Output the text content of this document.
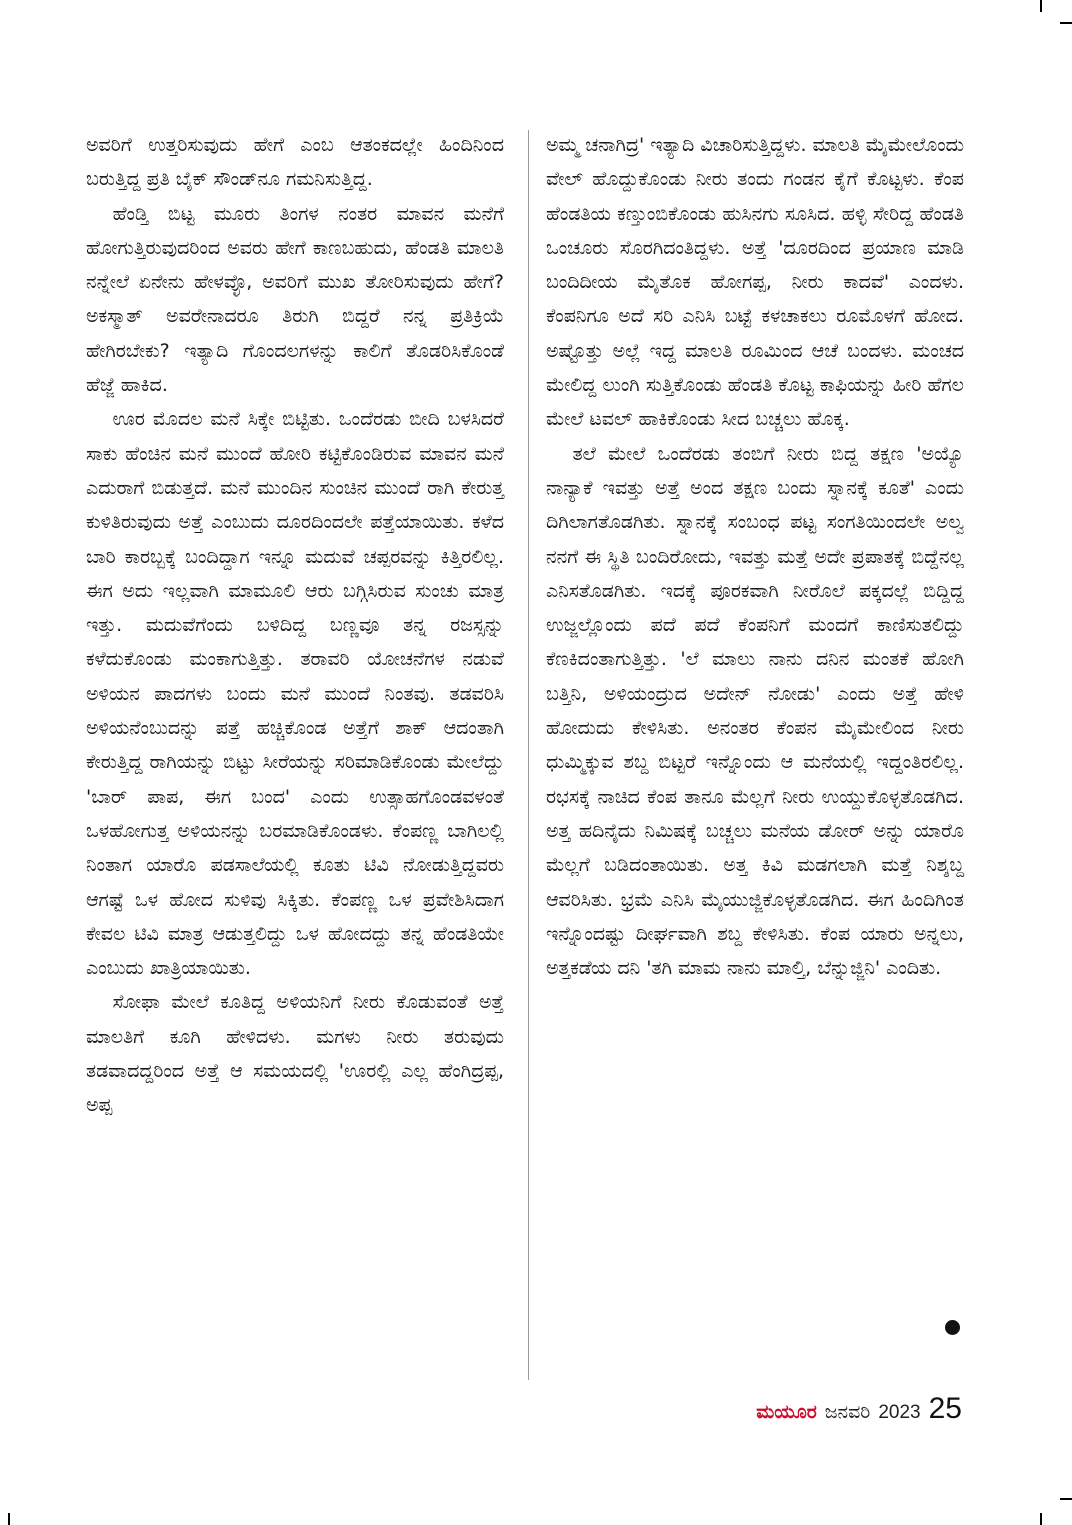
ಅವರಿಗೆ ಉತ್ತರಿಸುವುದು ಹೇಗೆ ಎಂಬ ಆತಂಕದಲ್ಲೇ ಹಿಂದಿನಿಂದ ಬರುತ್ತಿದ್ದ ಪ್ರತಿ ಬೈಕ್ ಸೌಂಡ್‌ನೂ ಗಮನಿಸುತ್ತಿದ್ದ.

ಹೆಂಡ್ತಿ ಬಿಟ್ಟ ಮೂರು ತಿಂಗಳ ನಂತರ ಮಾವನ ಮನೆಗೆ ಹೋಗುತ್ತಿರುವುದರಿಂದ ಅವರು ಹೇಗೆ ಕಾಣಬಹುದು, ಹೆಂಡತಿ ಮಾಲತಿ ನನ್ನೇಲೆ ಏನೇನು ಹೇಳವ್ಳೊ, ಅವರಿಗೆ ಮುಖ ತೋರಿಸುವುದು ಹೇಗೆ? ಅಕಸ್ಮಾತ್ ಅವರೇನಾದರೂ ತಿರುಗಿ ಬಿದ್ದರೆ ನನ್ನ ಪ್ರತಿಕ್ರಿಯೆ ಹೇಗಿರಬೇಕು? ಇತ್ಯಾದಿ ಗೊಂದಲಗಳನ್ನು ಕಾಲಿಗೆ ತೊಡರಿಸಿಕೊಂಡೆ ಹೆಜ್ಜೆ ಹಾಕಿದ.

ಊರ ಮೊದಲ ಮನೆ ಸಿಕ್ಕೇ ಬಿಟ್ಟಿತು. ಒಂದೆರಡು ಬೀದಿ ಬಳಸಿದರೆ ಸಾಕು ಹೆಂಚಿನ ಮನೆ ಮುಂದೆ ಹೋರಿ ಕಟ್ಟಿಕೊಂಡಿರುವ ಮಾವನ ಮನೆ ಎದುರಾಗೆ ಬಿಡುತ್ತದೆ. ಮನೆ ಮುಂದಿನ ಸುಂಚಿನ ಮುಂದೆ ರಾಗಿ ಕೇರುತ್ತ ಕುಳಿತಿರುವುದು ಅತ್ತೆ ಎಂಬುದು ದೂರದಿಂದಲೇ ಪತ್ತೆಯಾಯಿತು. ಕಳೆದ ಬಾರಿ ಕಾರಬ್ಬಕ್ಕೆ ಬಂದಿದ್ದಾಗ ಇನ್ನೂ ಮದುವೆ ಚಪ್ಪರವನ್ನು ಕಿತ್ತಿರಲಿಲ್ಲ. ಈಗ ಅದು ಇಲ್ಲವಾಗಿ ಮಾಮೂಲಿ ಆರು ಬಗ್ಗಿಸಿರುವ ಸುಂಚು ಮಾತ್ರ ಇತ್ತು. ಮದುವೆಗೆಂದು ಬಳಿದಿದ್ದ ಬಣ್ಣವೂ ತನ್ನ ರಜಸ್ಸನ್ನು ಕಳೆದುಕೊಂಡು ಮಂಕಾಗುತ್ತಿತ್ತು. ತರಾವರಿ ಯೋಚನೆಗಳ ನಡುವೆ ಅಳಿಯನ ಪಾದಗಳು ಬಂದು ಮನೆ ಮುಂದೆ ನಿಂತವು. ತಡವರಿಸಿ ಅಳಿಯನೆಂಬುದನ್ನು ಪತ್ತೆ ಹಚ್ಚಿಕೊಂಡ ಅತ್ತೆಗೆ ಶಾಕ್ ಆದಂತಾಗಿ ಕೇರುತ್ತಿದ್ದ ರಾಗಿಯನ್ನು ಬಿಟ್ಟು ಸೀರೆಯನ್ನು ಸರಿಮಾಡಿಕೊಂಡು ಮೇಲೆದ್ದು 'ಬಾರ್ ಪಾಪ, ಈಗ ಬಂದ' ಎಂದು ಉತ್ಸಾಹಗೊಂಡವಳಂತೆ ಒಳಹೋಗುತ್ತ ಅಳಿಯನನ್ನು ಬರಮಾಡಿಕೊಂಡಳು. ಕೆಂಪಣ್ಣ ಬಾಗಿಲಲ್ಲಿ ನಿಂತಾಗ ಯಾರೊ ಪಡಸಾಲೆಯಲ್ಲಿ ಕೂತು ಟಿವಿ ನೋಡುತ್ತಿದ್ದವರು ಆಗಷ್ಟೆ ಒಳ ಹೋದ ಸುಳಿವು ಸಿಕ್ಕಿತು. ಕೆಂಪಣ್ಣ ಒಳ ಪ್ರವೇಶಿಸಿದಾಗ ಕೇವಲ ಟಿವಿ ಮಾತ್ರ ಆಡುತ್ತಲಿದ್ದು ಒಳ ಹೋದದ್ದು ತನ್ನ ಹೆಂಡತಿಯೇ ಎಂಬುದು ಖಾತ್ರಿಯಾಯಿತು.

ಸೋಫಾ ಮೇಲೆ ಕೂತಿದ್ದ ಅಳಿಯನಿಗೆ ನೀರು ಕೊಡುವಂತೆ ಅತ್ತೆ ಮಾಲತಿಗೆ ಕೂಗಿ ಹೇಳಿದಳು. ಮಗಳು ನೀರು ತರುವುದು ತಡವಾದದ್ದರಿಂದ ಅತ್ತೆ ಆ ಸಮಯದಲ್ಲಿ 'ಊರಲ್ಲಿ ಎಲ್ಲ ಹೆಂಗಿದ್ರಪ್ಪ, ಅಪ್ಪ

ಅಮ್ಮ ಚನಾಗಿದ್ರ' ಇತ್ಯಾದಿ ವಿಚಾರಿಸುತ್ತಿದ್ದಳು. ಮಾಲತಿ ಮೈಮೇಲೊಂದು ವೇಲ್ ಹೊದ್ದುಕೊಂಡು ನೀರು ತಂದು ಗಂಡನ ಕೈಗೆ ಕೊಟ್ಟಳು. ಕೆಂಪ ಹೆಂಡತಿಯ ಕಣ್ತುಂಬಿಕೊಂಡು ಹುಸಿನಗು ಸೂಸಿದ. ಹಳ್ಳಿ ಸೇರಿದ್ದ ಹೆಂಡತಿ ಒಂಚೂರು ಸೊರಗಿದಂತಿದ್ದಳು. ಅತ್ತೆ 'ದೂರದಿಂದ ಪ್ರಯಾಣ ಮಾಡಿ ಬಂದಿದೀಯ ಮೈತೊಕ ಹೋಗಪ್ಪ, ನೀರು ಕಾದವೆ' ಎಂದಳು. ಕೆಂಪನಿಗೂ ಅದೆ ಸರಿ ಎನಿಸಿ ಬಟ್ಟೆ ಕಳಚಾಕಲು ರೂಮೊಳಗೆ ಹೋದ. ಅಷ್ಟೊತ್ತು ಅಲ್ಲೆ ಇದ್ದ ಮಾಲತಿ ರೂಮಿಂದ ಆಚೆ ಬಂದಳು. ಮಂಚದ ಮೇಲಿದ್ದ ಲುಂಗಿ ಸುತ್ತಿಕೊಂಡು ಹೆಂಡತಿ ಕೊಟ್ಟ ಕಾಫಿಯನ್ನು ಹೀರಿ ಹೆಗಲ ಮೇಲೆ ಟವಲ್ ಹಾಕಿಕೊಂಡು ಸೀದ ಬಚ್ಚಲು ಹೊಕ್ಕ.

ತಲೆ ಮೇಲೆ ಒಂದೆರಡು ತಂಬಿಗೆ ನೀರು ಬಿದ್ದ ತಕ್ಷಣ 'ಅಯ್ಯೊ ನಾನ್ಯಾಕೆ ಇವತ್ತು ಅತ್ತೆ ಅಂದ ತಕ್ಷಣ ಬಂದು ಸ್ನಾನಕ್ಕೆ ಕೂತೆ' ಎಂದು ದಿಗಿಲಾಗತೊಡಗಿತು. ಸ್ನಾನಕ್ಕೆ ಸಂಬಂಧ ಪಟ್ಟ ಸಂಗತಿಯಿಂದಲೇ ಅಲ್ವ ನನಗೆ ಈ ಸ್ಥಿತಿ ಬಂದಿರೋದು, ಇವತ್ತು ಮತ್ತೆ ಅದೇ ಪ್ರಪಾತಕ್ಕೆ ಬಿದ್ದೆನಲ್ಲ ಎನಿಸತೊಡಗಿತು. ಇದಕ್ಕೆ ಪೂರಕವಾಗಿ ನೀರೊಲೆ ಪಕ್ಕದಲ್ಲೆ ಬಿದ್ದಿದ್ದ ಉಜ್ಜಲ್ಲೊಂದು ಪದೆ ಪದೆ ಕೆಂಪನಿಗೆ ಮಂದಗೆ ಕಾಣಿಸುತಲಿದ್ದು ಕೆಣಕಿದಂತಾಗುತ್ತಿತ್ತು. 'ಲೆ ಮಾಲು ನಾನು ದನಿನ ಮಂತಕೆ ಹೋಗಿ ಬತ್ತಿನಿ, ಅಳಿಯಂದ್ರುದ ಅದೇನ್ ನೋಡು' ಎಂದು ಅತ್ತೆ ಹೇಳಿ ಹೋದುದು ಕೇಳಿಸಿತು. ಅನಂತರ ಕೆಂಪನ ಮೈಮೇಲಿಂದ ನೀರು ಧುಮ್ಮಿಕ್ಕುವ ಶಬ್ದ ಬಿಟ್ಟರೆ ಇನ್ನೊಂದು ಆ ಮನೆಯಲ್ಲಿ ಇದ್ದಂತಿರಲಿಲ್ಲ. ರಭಸಕ್ಕೆ ನಾಚಿದ ಕೆಂಪ ತಾನೂ ಮೆಲ್ಲಗೆ ನೀರು ಉಯ್ದುಕೊಳ್ಳತೊಡಗಿದ. ಅತ್ತ ಹದಿನೈದು ನಿಮಿಷಕ್ಕೆ ಬಚ್ಚಲು ಮನೆಯ ಡೋರ್ ಅನ್ನು ಯಾರೊ ಮೆಲ್ಲಗೆ ಬಡಿದಂತಾಯಿತು. ಅತ್ತ ಕಿವಿ ಮಡಗಲಾಗಿ ಮತ್ತೆ ನಿಶ್ಶಬ್ದ ಆವರಿಸಿತು. ಭ್ರಮೆ ಎನಿಸಿ ಮೈಯುಜ್ಜಿಕೊಳ್ಳತೊಡಗಿದ. ಈಗ ಹಿಂದಿಗಿಂತ ಇನ್ನೊಂದಷ್ಟು ದೀರ್ಘವಾಗಿ ಶಬ್ದ ಕೇಳಿಸಿತು. ಕೆಂಪ ಯಾರು ಅನ್ನಲು, ಅತ್ತಕಡೆಯ ದನಿ 'ತಗಿ ಮಾಮ ನಾನು ಮಾಲ್ತಿ, ಬೆನ್ನುಜ್ಜಿನಿ' ಎಂದಿತು.

ಮಯೂರ ಜನವರಿ 2023 25
